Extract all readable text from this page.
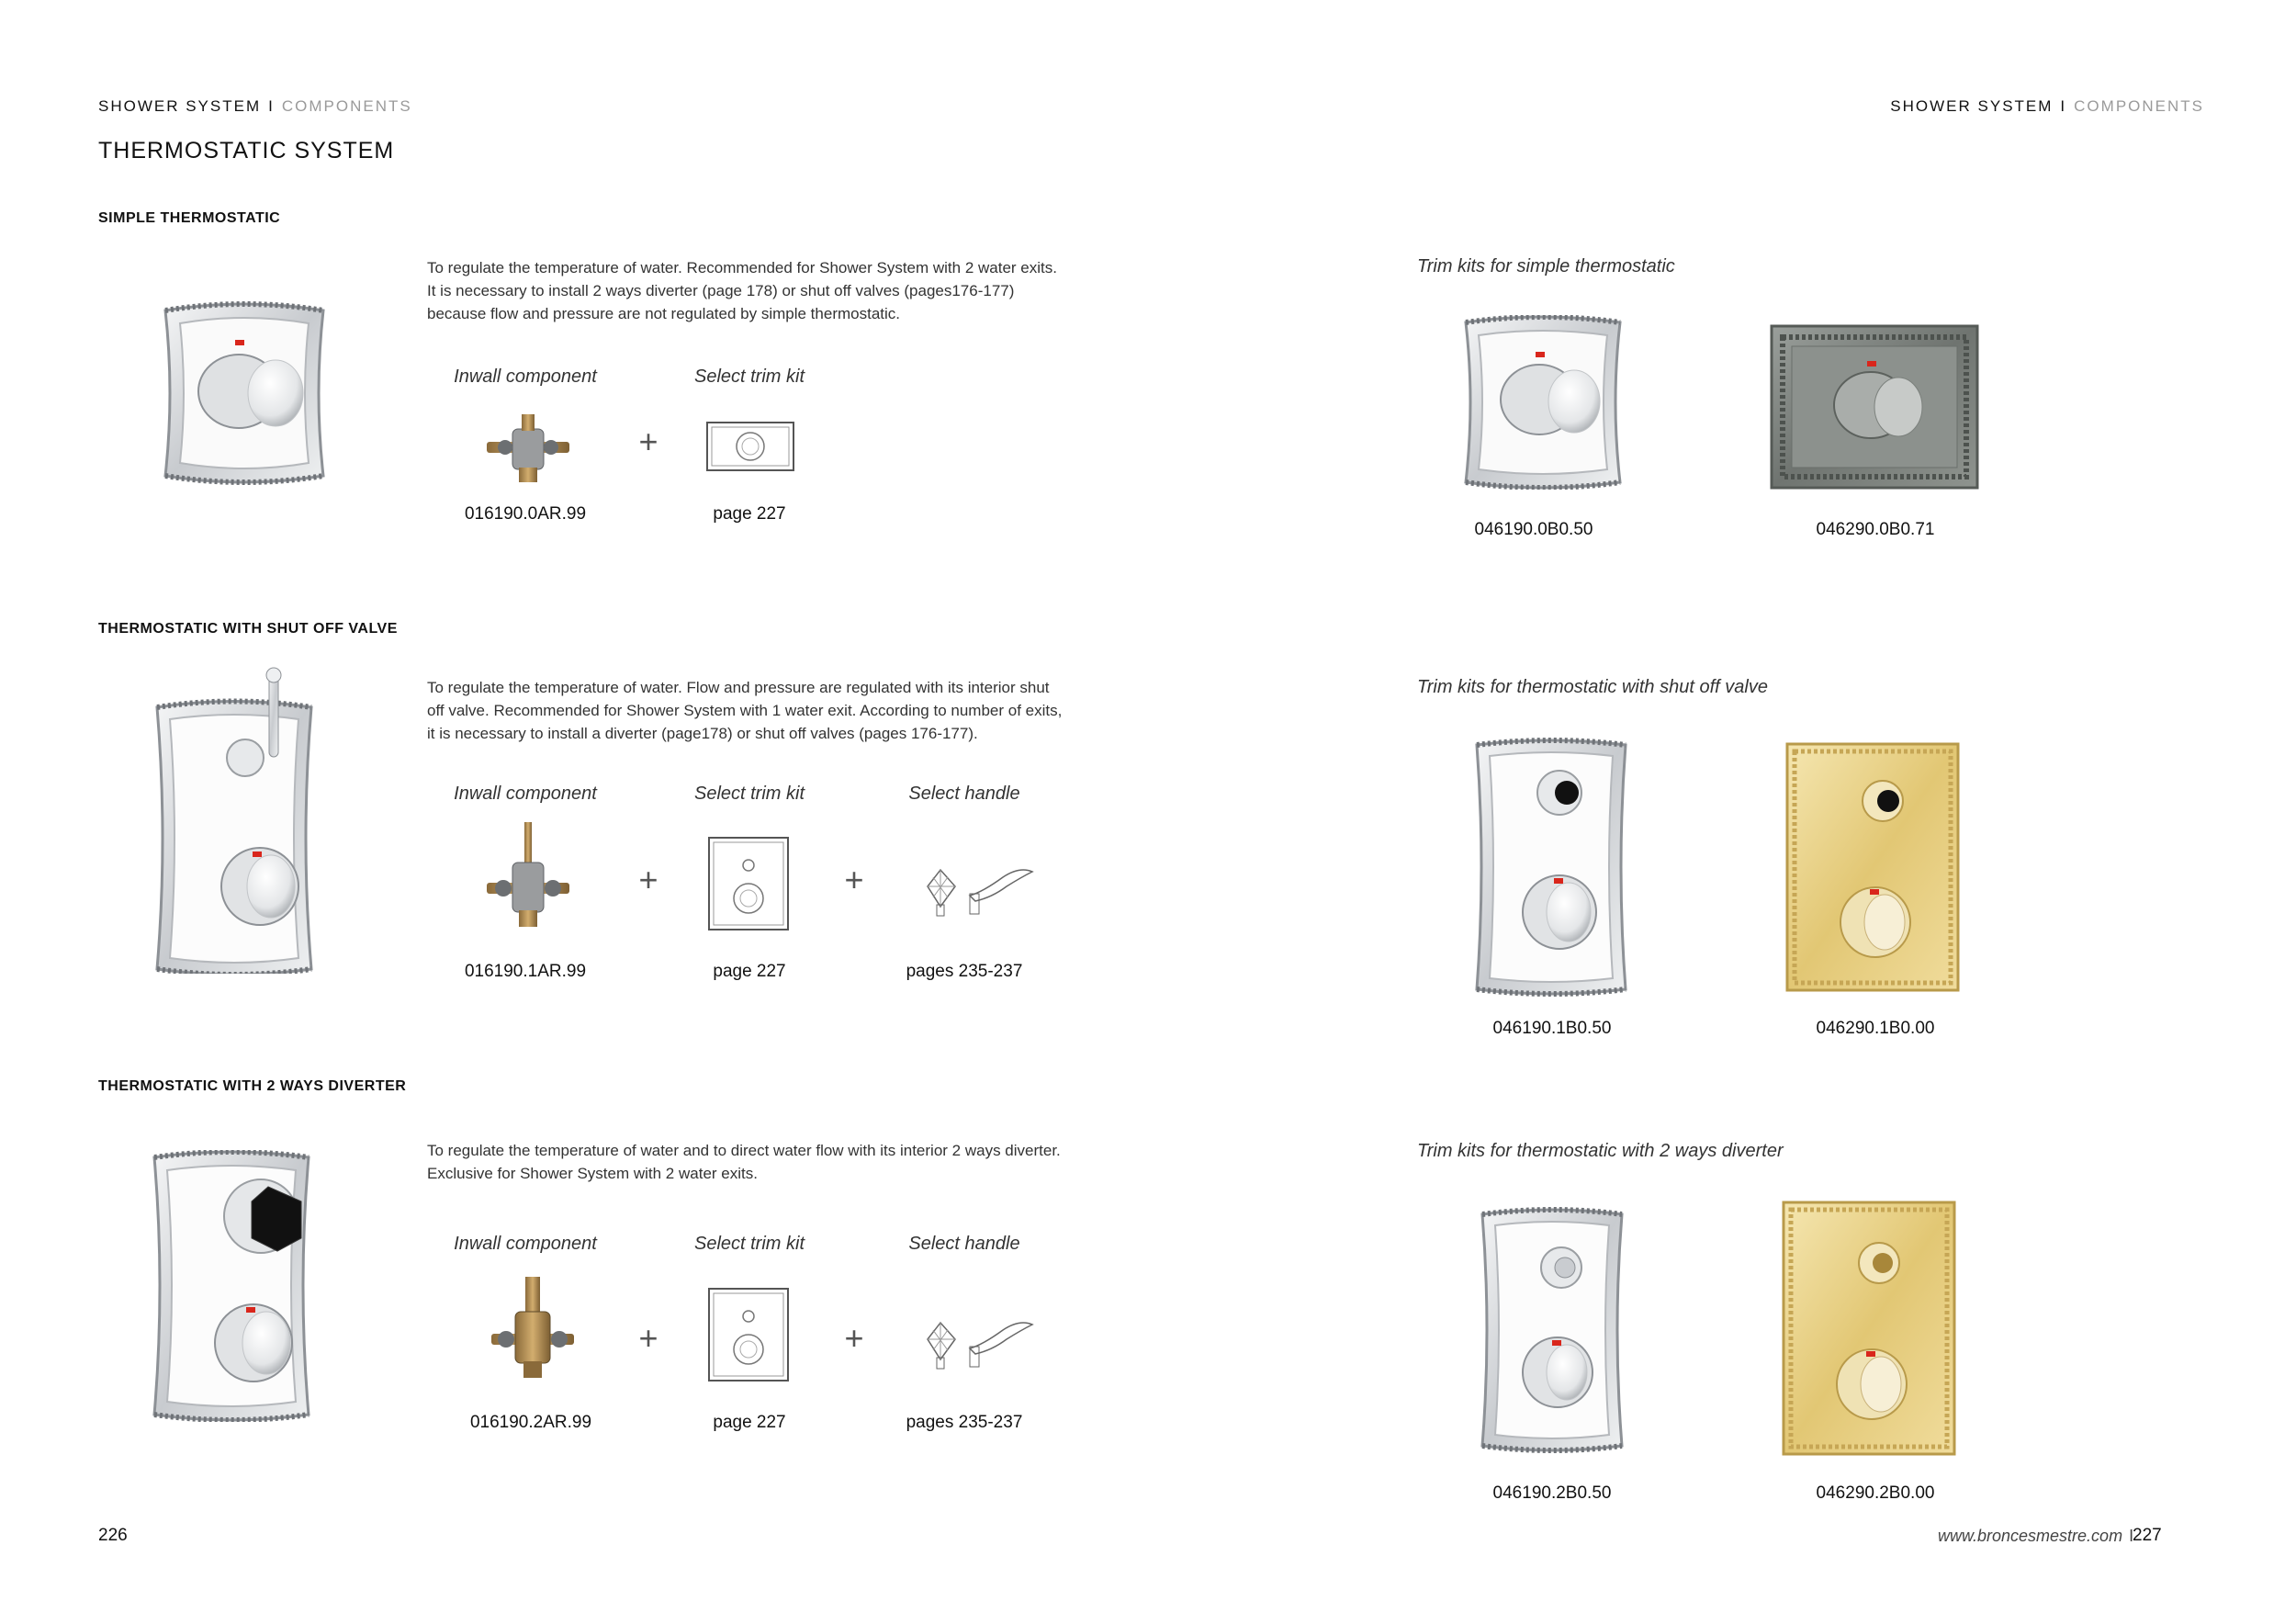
SHOWER SYSTEM I COMPONENTS	SHOWER SYSTEM I COMPONENTS
THERMOSTATIC SYSTEM
SIMPLE THERMOSTATIC
To regulate the temperature of water. Recommended for Shower System with 2 water exits. It is necessary to install 2 ways diverter (page 178) or shut off valves (pages176-177) because flow and pressure are not regulated by simple thermostatic.
Inwall component	Select trim kit
+
016190.0AR.99	page 227
Trim kits for simple thermostatic
046190.0B0.50	046290.0B0.71
THERMOSTATIC WITH SHUT OFF VALVE
To regulate the temperature of water. Flow and pressure are regulated with its interior shut off valve. Recommended for Shower System with 1 water exit. According to number of exits, it is necessary to install a diverter (page178) or shut off valves (pages 176-177).
Inwall component	Select trim kit	Select handle
+	+
016190.1AR.99	page 227	pages 235-237
Trim kits for thermostatic with shut off valve
046190.1B0.50	046290.1B0.00
THERMOSTATIC WITH 2 WAYS DIVERTER
To regulate the temperature of water and to direct water flow with its interior 2 ways diverter. Exclusive for Shower System with 2 water exits.
Inwall component	Select trim kit	Select handle
+	+
016190.2AR.99	page 227	pages 235-237
Trim kits for thermostatic with 2 ways diverter
046190.2B0.50	046290.2B0.00
226	www.broncesmestre.com I
227
